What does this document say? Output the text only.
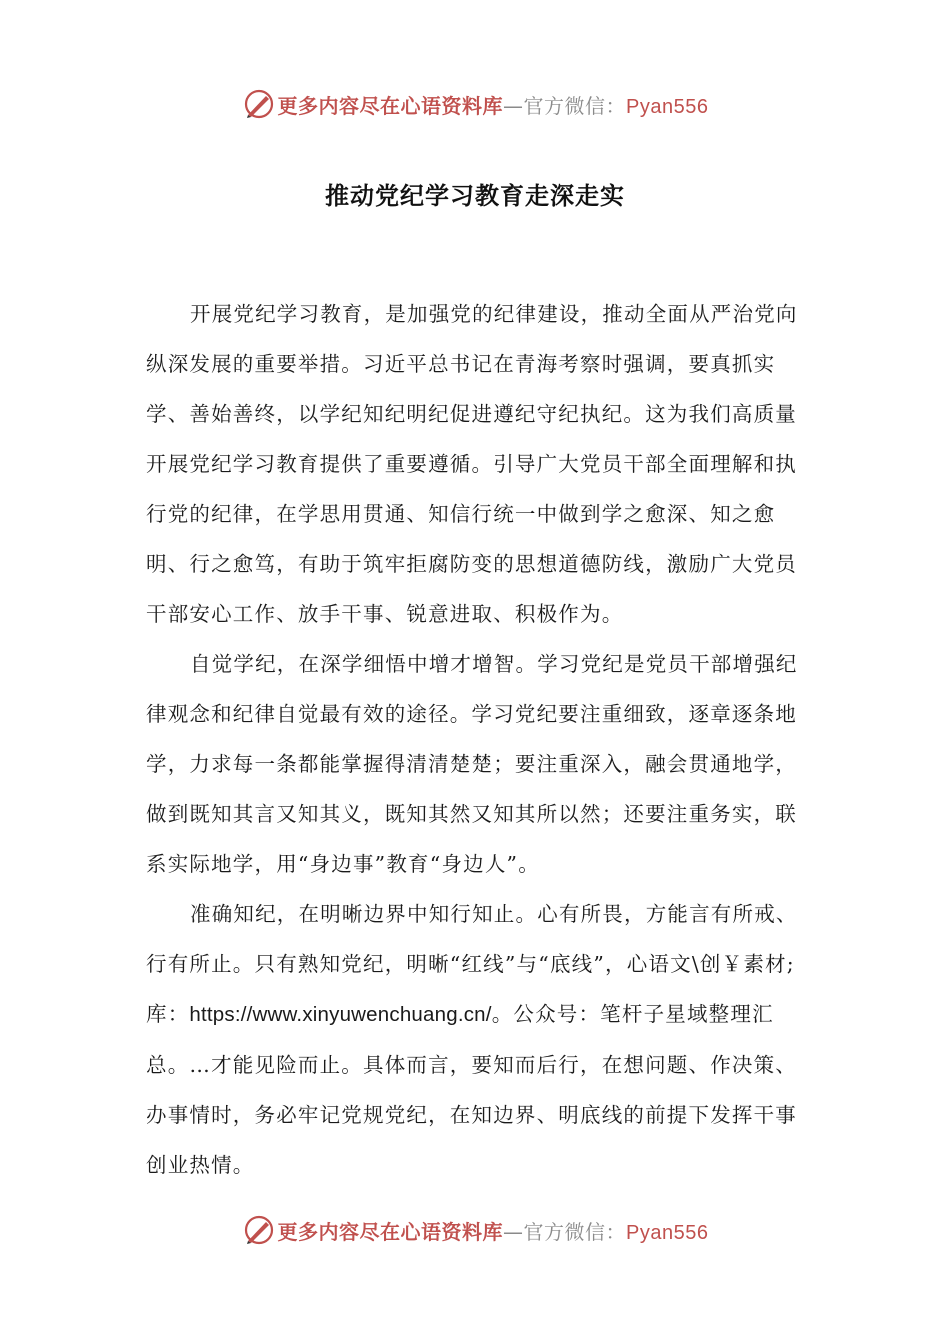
更多内容尽在心语资料库—官方微信：Pyan556
推动党纪学习教育走深走实

开展党纪学习教育，是加强党的纪律建设，推动全面从严治党向纵深发展的重要举措。习近平总书记在青海考察时强调，要真抓实学、善始善终，以学纪知纪明纪促进遵纪守纪执纪。这为我们高质量开展党纪学习教育提供了重要遵循。引导广大党员干部全面理解和执行党的纪律，在学思用贯通、知信行统一中做到学之愈深、知之愈明、行之愈笃，有助于筑牢拒腐防变的思想道德防线，激励广大党员干部安心工作、放手干事、锐意进取、积极作为。

自觉学纪，在深学细悟中增才增智。学习党纪是党员干部增强纪律观念和纪律自觉最有效的途径。学习党纪要注重细致，逐章逐条地学，力求每一条都能掌握得清清楚楚；要注重深入，融会贯通地学，做到既知其言又知其义，既知其然又知其所以然；还要注重务实，联系实际地学，用“身边事”教育“身边人”。

准确知纪，在明晰边界中知行知止。心有所畏，方能言有所戒、行有所止。只有熟知党纪，明晰“红线”与“底线”，心语文\创￥素材;库：https://www.xinyuwenchuang.cn/。公众号：笔杆子星域整理汇总。…才能见险而止。具体而言，要知而后行，在想问题、作决策、办事情时，务必牢记党规党纪，在知边界、明底线的前提下发挥干事创业热情。

更多内容尽在心语资料库—官方微信：Pyan556
